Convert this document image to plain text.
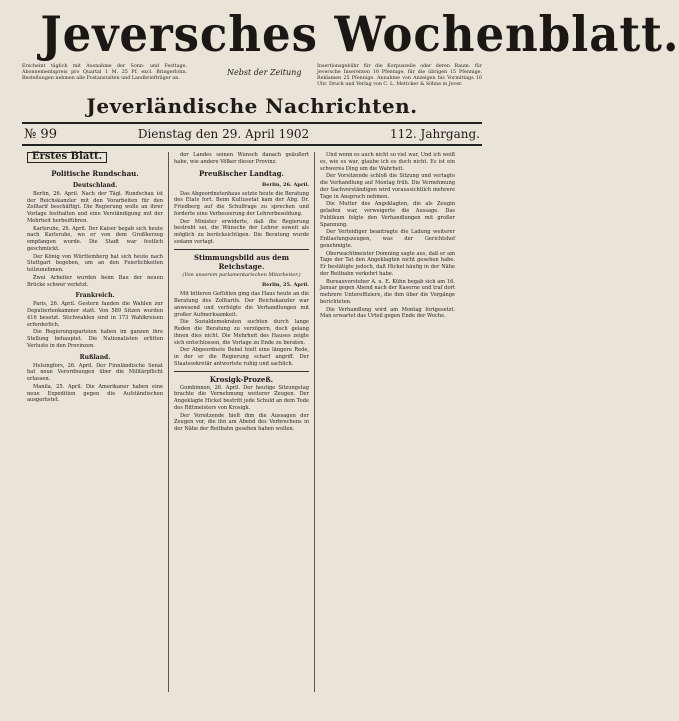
Jeversches Wochenblatt.
Erscheint täglich mit Ausnahme der Sonn- und Festtage. Abonnementspreis pro Quartal 1 M. 25 Pf. excl. Bringerlohn. Bestellungen nehmen alle Postanstalten und Landbriefträger an.
Nebst der Zeitung
Insertionsgebühr für die Korpuszeile oder deren Raum: für Jeversche Inserenten 10 Pfennige, für die übrigen 15 Pfennige, Reklamen 25 Pfennige. Annahme von Anzeigen bis Vormittags 10 Uhr. Druck und Verlag von C. L. Mettcker & Söhne in Jever.
Jeverländische Nachrichten.
№ 99	Dienstag den 29. April 1902	112. Jahrgang.
Erstes Blatt.
Politische Rundschau.
Deutschland.

Berlin, 26. April. Nach der Tägl. Rundschau ist der Reichskanzler mit den Vorarbeiten für den Zolltarif beschäftigt. Die Regierung wolle an ihrer Vorlage festhalten und eine Verständigung mit der Mehrheit herbeiführen.

Karlsruhe, 26. April. Der Kaiser begab sich heute nach Karlsruhe, wo er von dem Großherzog empfangen wurde. Die Stadt war festlich geschmückt.

Der König von Württemberg hat sich heute nach Stuttgart begeben, um an den Feierlichkeiten teilzunehmen.

Zwei Arbeiter wurden beim Bau der neuen Brücke schwer verletzt.

Frankreich.

Paris, 26. April. Gestern fanden die Wahlen zur Deputiertenkammer statt. Von 589 Sitzen wurden 416 besetzt. Stichwahlen sind in 173 Wahlkreisen erforderlich.

Die Regierungsparteien haben im ganzen ihre Stellung behauptet. Die Nationalisten erlitten Verluste in den Provinzen.

Rußland.

Helsingfors, 26. April. Der Finnländische Senat hat neue Verordnungen über die Militärpflicht erlassen.

Manila, 25. April. Die Amerikaner haben eine neue Expedition gegen die Aufständischen ausgerüstet.

der Landes seinen Wunsch danach geäußert habe, wie andere Völker dieser Provinz.

Preußischer Landtag.
Berlin, 26. April.

Das Abgeordnetenhaus setzte heute die Beratung des Etats fort. Beim Kultusetat kam der Abg. Dr. Friedberg auf die Schulfrage zu sprechen und forderte eine Verbesserung der Lehrerbesoldung.

Der Minister erwiderte, daß die Regierung bestrebt sei, die Wünsche der Lehrer soweit als möglich zu berücksichtigen. Die Beratung wurde sodann vertagt.

Stimmungsbild aus dem Reichstage.
(Von unserem parlamentarischen Mitarbeiter.)
Berlin, 25. April.

Mit bitteren Gefühlen ging das Haus heute an die Beratung des Zolltarifs. Der Reichskanzler war anwesend und verfolgte die Verhandlungen mit großer Aufmerksamkeit.

Die Sozialdemokraten suchten durch lange Reden die Beratung zu verzögern, doch gelang ihnen dies nicht. Die Mehrheit des Hauses zeigte sich entschlossen, die Vorlage zu Ende zu beraten.

Der Abgeordnete Bebel hielt eine längere Rede, in der er die Regierung scharf angriff. Der Staatssekretär antwortete ruhig und sachlich.

Krosigk-Prozeß.

Gumbinnen, 26. April. Der heutige Sitzungstag brachte die Vernehmung weiterer Zeugen. Der Angeklagte Hickel bestritt jede Schuld an dem Tode des Rittmeisters von Krosigk.

Der Vorsitzende hielt ihm die Aussagen der Zeugen vor, die ihn am Abend des Verbrechens in der Nähe der Reitbahn gesehen haben wollen.

Und wenn es auch nicht so viel war, Und ich weiß es, wie es war, glaube ich es doch nicht. Es ist ein schweres Ding um die Wahrheit.

Der Vorsitzende schloß die Sitzung und vertagte die Verhandlung auf Montag früh. Die Vernehmung der Sachverständigen wird voraussichtlich mehrere Tage in Anspruch nehmen.

Die Mutter des Angeklagten, die als Zeugin geladen war, verweigerte die Aussage. Das Publikum folgte den Verhandlungen mit großer Spannung.

Der Verteidiger beantragte die Ladung weiterer Entlastungszeugen, was der Gerichtshof genehmigte.

Oberwachtmeister Domning sagte aus, daß er am Tage der Tat den Angeklagten nicht gesehen habe. Er bestätigte jedoch, daß Hickel häufig in der Nähe der Reitbahn verkehrt habe.

Bureauvorsteher A. u. E. Kühn begab sich am 16. Januar gegen Abend nach der Kaserne und traf dort mehrere Unteroffiziere, die ihm über die Vorgänge berichteten.

Die Verhandlung wird am Montag fortgesetzt. Man erwartet das Urteil gegen Ende der Woche.
